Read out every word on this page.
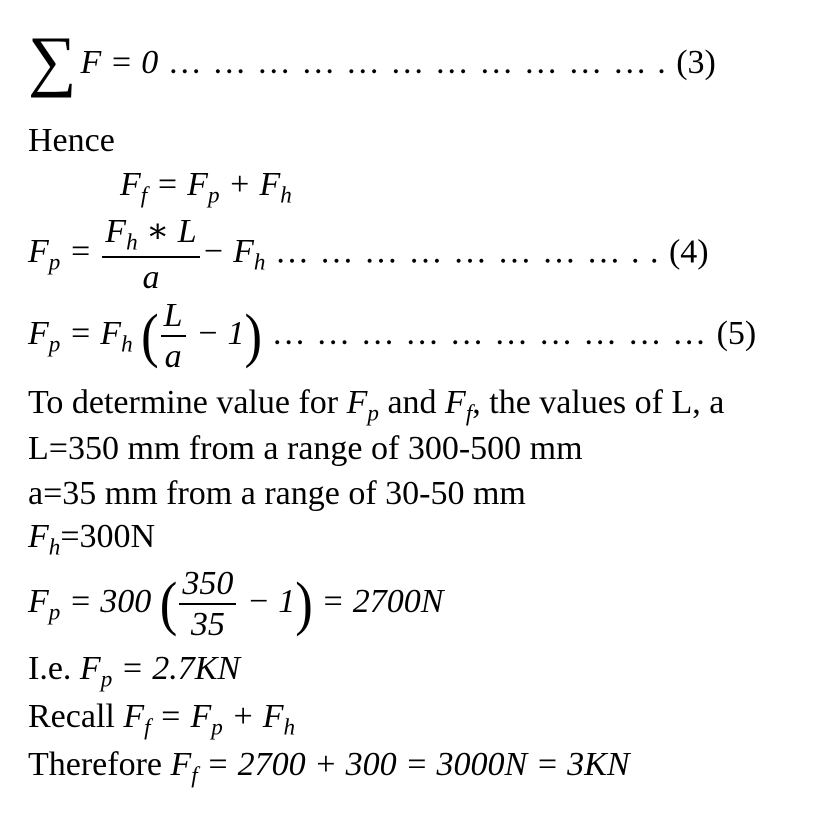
∑ F = 0 … … … … … … … … … … … . (3)
Hence
$F_f = F_p + F_h$
$F_p = \frac{F_h ∗ L}{a} - F_h$ … … … … … … … … . . (4)
$F_p = F_h$ ( $\frac{L}{a} - 1$) … … … … … … … … … … (5)
To determine value for $F_p$ and $F_f$, the values of L, a
L=350 mm from a range of 300-500 mm
a=35 mm from a range of 30-50 mm
$F_h=300N$
$F_p = 300$ ( $\frac{350}{35} - 1) = 2700N$
I.e. $F_p = 2.7KN$
Recall $F_f = F_p + F_h$
Therefore $F_f = 2700 + 300 = 3000N = 3KN$
